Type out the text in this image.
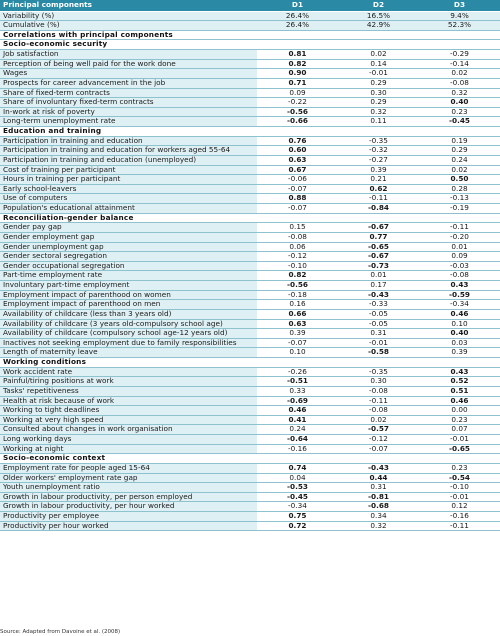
Principal components	D1	D2	D3
Variability (%)	26.4%	16.5%	9.4%
Cumulative (%)	26.4%	42.9%	52.3%
Correlations with principal components			
Socio-economic security			
Job satisfaction	0.81	0.02	-0.29
Perception of being well paid for the work done	0.82	0.14	-0.14
Wages	0.90	-0.01	0.02
Prospects for career advancement in the job	0.71	0.29	-0.08
Share of fixed-term contracts	0.09	0.30	0.32
Share of involuntary fixed-term contracts	-0.22	0.29	0.40
In-work at risk of poverty	-0.56	0.32	0.23
Long-term unemployment rate	-0.66	0.11	-0.45
Education and training			
Participation in training and education	0.76	-0.35	0.19
Participation in training and education for workers aged 55-64	0.60	-0.32	0.29
Participation in training and education (unemployed)	0.63	-0.27	0.24
Cost of training per participant	0.67	0.39	0.02
Hours in training per participant	-0.06	0.21	0.50
Early school-leavers	-0.07	0.62	0.28
Use of computers	0.88	-0.11	-0.13
Population's educational attainment	-0.07	-0.84	-0.19
Reconciliation-gender balance			
Gender pay gap	0.15	-0.67	-0.11
Gender employment gap	-0.08	0.77	-0.20
Gender unemployment gap	0.06	-0.65	0.01
Gender sectoral segregation	-0.12	-0.67	0.09
Gender occupational segregation	-0.10	-0.73	-0.03
Part-time employment rate	0.82	0.01	-0.08
Involuntary part-time employment	-0.56	0.17	0.43
Employment impact of parenthood on women	-0.18	-0.43	-0.59
Employment impact of parenthood on men	0.16	-0.33	-0.34
Availability of childcare (less than 3 years old)	0.66	-0.05	0.46
Availability of childcare (3 years old-compulsory school age)	0.63	-0.05	0.10
Availability of childcare (compulsory school age-12 years old)	0.39	0.31	0.40
Inactives not seeking employment due to family responsibilities	-0.07	-0.01	0.03
Length of maternity leave	0.10	-0.58	0.39
Working conditions			
Work accident rate	-0.26	-0.35	0.43
Painful/tiring positions at work	-0.51	0.30	0.52
Tasks' repetitiveness	0.33	-0.08	0.51
Health at risk because of work	-0.69	-0.11	0.46
Working to tight deadlines	0.46	-0.08	0.00
Working at very high speed	0.41	0.02	0.23
Consulted about changes in work organisation	0.24	-0.57	0.07
Long working days	-0.64	-0.12	-0.01
Working at night	-0.16	-0.07	-0.65
Socio-economic context			
Employment rate for people aged 15-64	0.74	-0.43	0.23
Older workers' employment rate gap	0.04	0.44	-0.54
Youth unemployment ratio	-0.53	0.31	-0.10
Growth in labour productivity, per person employed	-0.45	-0.81	-0.01
Growth in labour productivity, per hour worked	-0.34	-0.68	0.12
Productivity per employee	0.75	0.34	-0.16
Productivity per hour worked	0.72	0.32	-0.11
Source: Adapted from Davoine et al. (2008)
